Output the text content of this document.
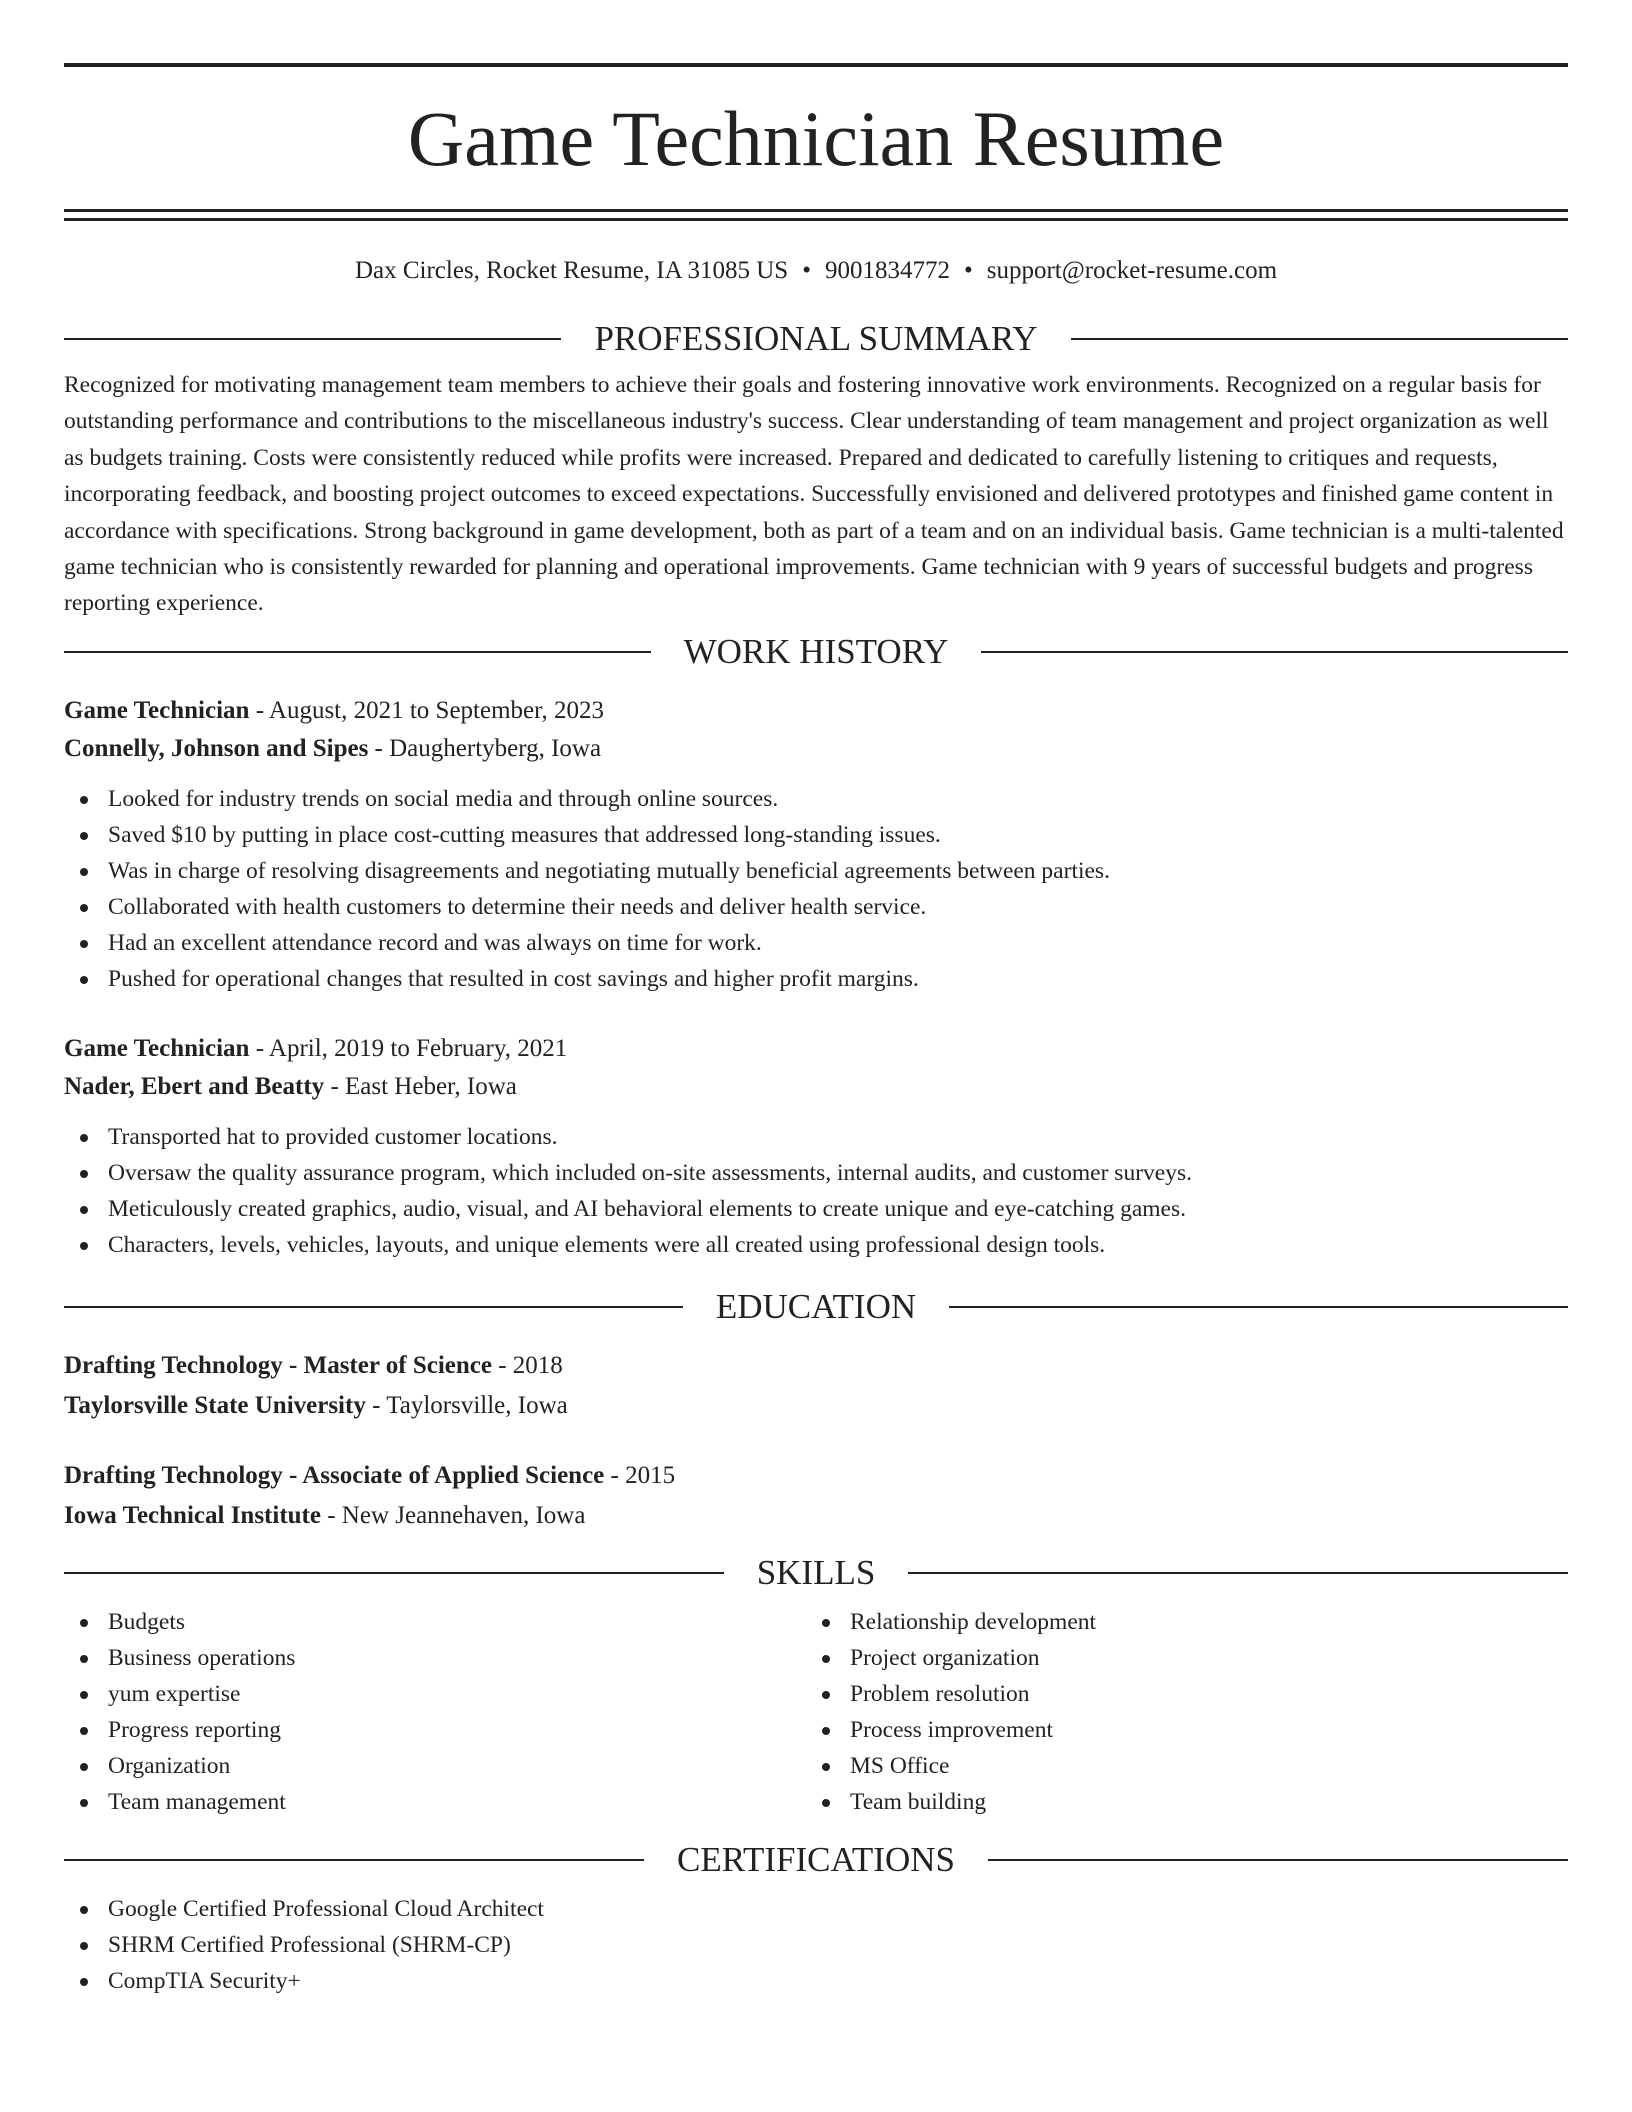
Game Technician Resume
Dax Circles, Rocket Resume, IA 31085 US • 9001834772 • support@rocket-resume.com
PROFESSIONAL SUMMARY

Recognized for motivating management team members to achieve their goals and fostering innovative work environments. Recognized on a regular basis for outstanding performance and contributions to the miscellaneous industry's success. Clear understanding of team management and project organization as well as budgets training. Costs were consistently reduced while profits were increased. Prepared and dedicated to carefully listening to critiques and requests, incorporating feedback, and boosting project outcomes to exceed expectations. Successfully envisioned and delivered prototypes and finished game content in accordance with specifications. Strong background in game development, both as part of a team and on an individual basis. Game technician is a multi-talented game technician who is consistently rewarded for planning and operational improvements. Game technician with 9 years of successful budgets and progress reporting experience.

WORK HISTORY
Game Technician - August, 2021 to September, 2023
Connelly, Johnson and Sipes - Daughertyberg, Iowa
Looked for industry trends on social media and through online sources.
Saved $10 by putting in place cost-cutting measures that addressed long-standing issues.
Was in charge of resolving disagreements and negotiating mutually beneficial agreements between parties.
Collaborated with health customers to determine their needs and deliver health service.
Had an excellent attendance record and was always on time for work.
Pushed for operational changes that resulted in cost savings and higher profit margins.
Game Technician - April, 2019 to February, 2021
Nader, Ebert and Beatty - East Heber, Iowa
Transported hat to provided customer locations.
Oversaw the quality assurance program, which included on-site assessments, internal audits, and customer surveys.
Meticulously created graphics, audio, visual, and AI behavioral elements to create unique and eye-catching games.
Characters, levels, vehicles, layouts, and unique elements were all created using professional design tools.
EDUCATION
Drafting Technology - Master of Science - 2018
Taylorsville State University - Taylorsville, Iowa
Drafting Technology - Associate of Applied Science - 2015
Iowa Technical Institute - New Jeannehaven, Iowa
SKILLS
Budgets
Business operations
yum expertise
Progress reporting
Organization
Team management
Relationship development
Project organization
Problem resolution
Process improvement
MS Office
Team building
CERTIFICATIONS
Google Certified Professional Cloud Architect
SHRM Certified Professional (SHRM-CP)
CompTIA Security+
